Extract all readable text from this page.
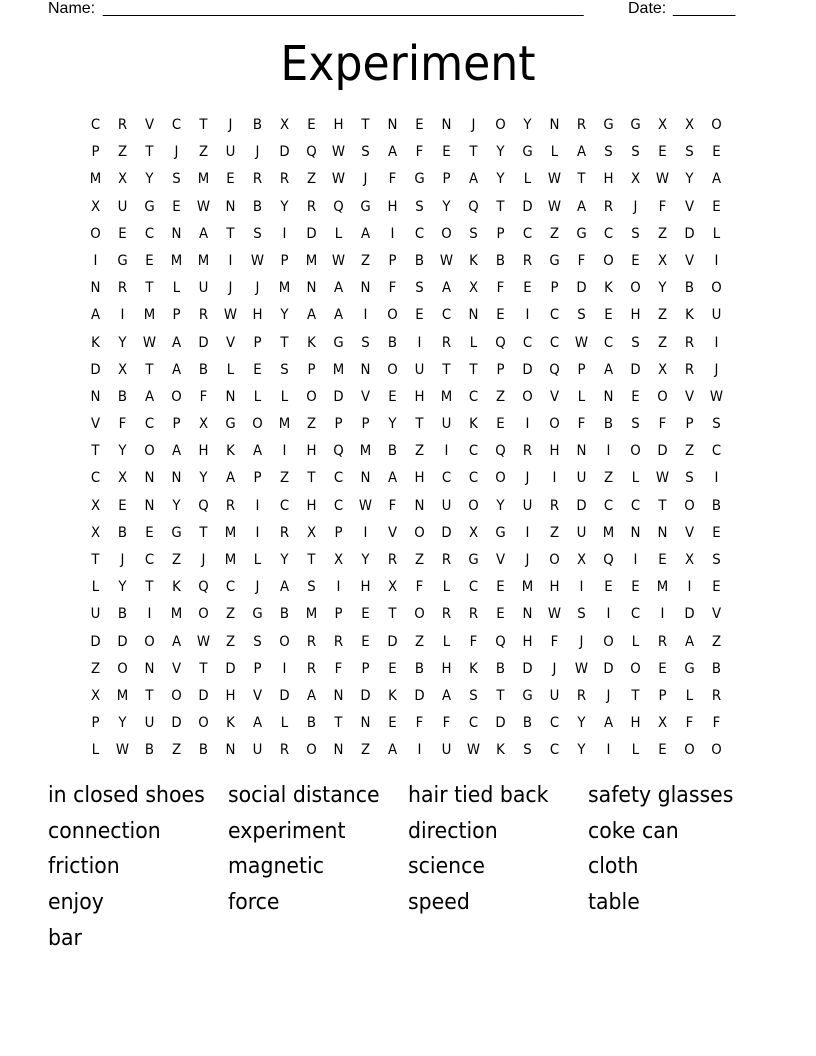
Name: ______________________________________________________	Date: _______
Experiment
C	R	V	C	T	J	B	X	E	H	T	N	E	N	J	O	Y	N	R	G	G	X	X	O
P	Z	T	J	Z	U	J	D	Q	W	S	A	F	E	T	Y	G	L	A	S	S	E	S	E
M	X	Y	S	M	E	R	R	Z	W	J	F	G	P	A	Y	L	W	T	H	X	W	Y	A
X	U	G	E	W	N	B	Y	R	Q	G	H	S	Y	Q	T	D	W	A	R	J	F	V	E
O	E	C	N	A	T	S	I	D	L	A	I	C	O	S	P	C	Z	G	C	S	Z	D	L
I	G	E	M	M	I	W	P	M	W	Z	P	B	W	K	B	R	G	F	O	E	X	V	I
N	R	T	L	U	J	J	M	N	A	N	F	S	A	X	F	E	P	D	K	O	Y	B	O
A	I	M	P	R	W	H	Y	A	A	I	O	E	C	N	E	I	C	S	E	H	Z	K	U
K	Y	W	A	D	V	P	T	K	G	S	B	I	R	L	Q	C	C	W	C	S	Z	R	I
D	X	T	A	B	L	E	S	P	M	N	O	U	T	T	P	D	Q	P	A	D	X	R	J
N	B	A	O	F	N	L	L	O	D	V	E	H	M	C	Z	O	V	L	N	E	O	V	W
V	F	C	P	X	G	O	M	Z	P	P	Y	T	U	K	E	I	O	F	B	S	F	P	S
T	Y	O	A	H	K	A	I	H	Q	M	B	Z	I	C	Q	R	H	N	I	O	D	Z	C
C	X	N	N	Y	A	P	Z	T	C	N	A	H	C	C	O	J	I	U	Z	L	W	S	I
X	E	N	Y	Q	R	I	C	H	C	W	F	N	U	O	Y	U	R	D	C	C	T	O	B
X	B	E	G	T	M	I	R	X	P	I	V	O	D	X	G	I	Z	U	M	N	N	V	E
T	J	C	Z	J	M	L	Y	T	X	Y	R	Z	R	G	V	J	O	X	Q	I	E	X	S
L	Y	T	K	Q	C	J	A	S	I	H	X	F	L	C	E	M	H	I	E	E	M	I	E
U	B	I	M	O	Z	G	B	M	P	E	T	O	R	R	E	N	W	S	I	C	I	D	V
D	D	O	A	W	Z	S	O	R	R	E	D	Z	L	F	Q	H	F	J	O	L	R	A	Z
Z	O	N	V	T	D	P	I	R	F	P	E	B	H	K	B	D	J	W	D	O	E	G	B
X	M	T	O	D	H	V	D	A	N	D	K	D	A	S	T	G	U	R	J	T	P	L	R
P	Y	U	D	O	K	A	L	B	T	N	E	F	F	C	D	B	C	Y	A	H	X	F	F
L	W	B	Z	B	N	U	R	O	N	Z	A	I	U	W	K	S	C	Y	I	L	E	O	O
in closed shoes	social distance	hair tied back	safety glasses
connection	experiment	direction	coke can
friction	magnetic	science	cloth
enjoy	force	speed	table
bar
